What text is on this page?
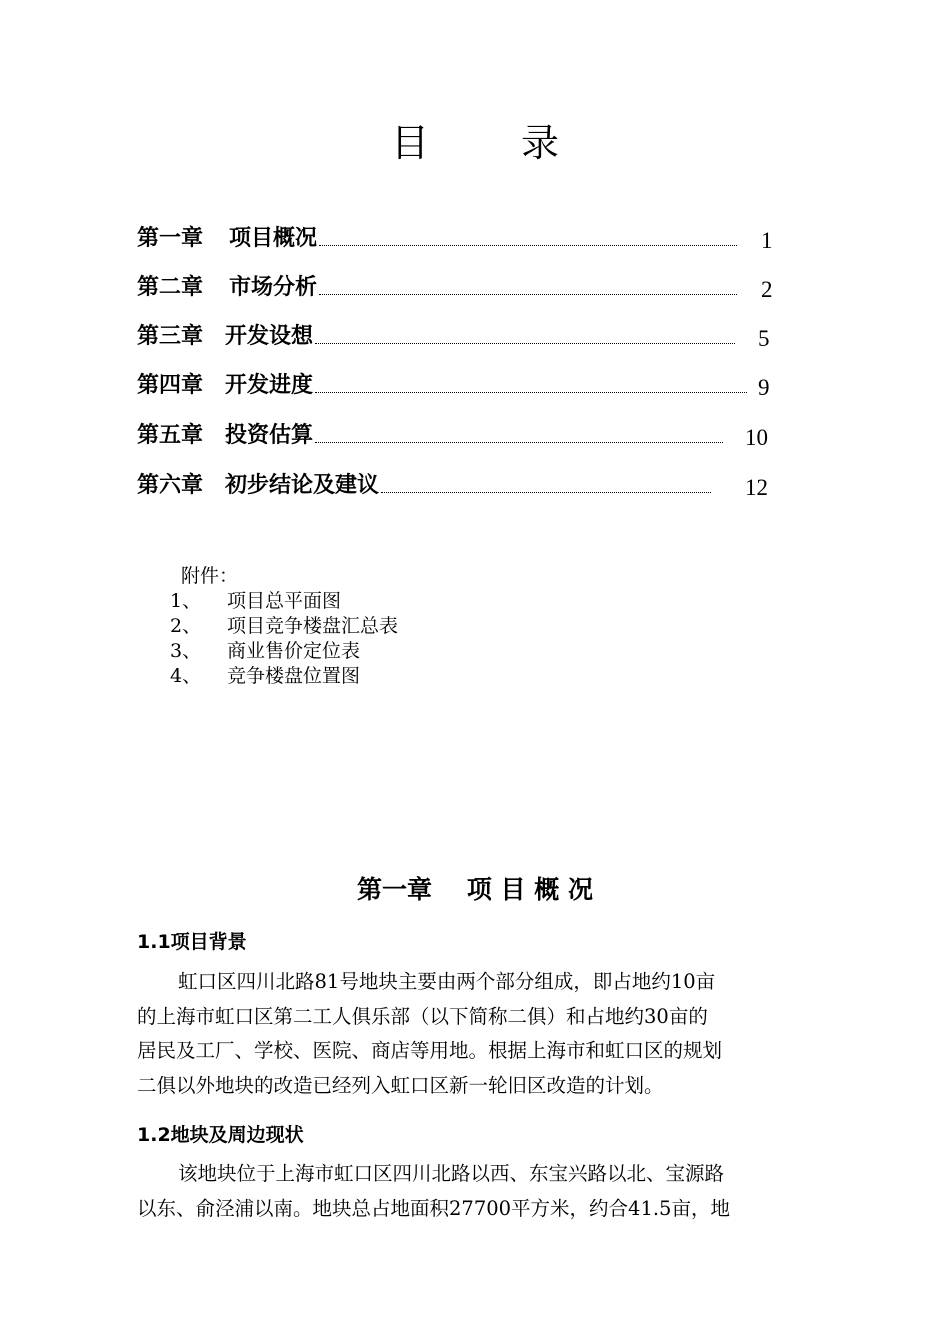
目 录
第一章 项目概况	1
第二章 市场分析	2
第三章 开发设想	5
第四章 开发进度	9
第五章 投资估算	10
第六章 初步结论及建议	12
附件：
1、 项目总平面图
2、 项目竞争楼盘汇总表
3、 商业售价定位表
4、 竞争楼盘位置图
第一章    项 目 概 况
1.1项目背景
虹口区四川北路81号地块主要由两个部分组成，即占地约10亩
的上海市虹口区第二工人俱乐部（以下简称二俱）和占地约30亩的
居民及工厂、学校、医院、商店等用地。根据上海市和虹口区的规划
二俱以外地块的改造已经列入虹口区新一轮旧区改造的计划。
1.2地块及周边现状
该地块位于上海市虹口区四川北路以西、东宝兴路以北、宝源路
以东、俞泾浦以南。地块总占地面积27700平方米，约合41.5亩，地
